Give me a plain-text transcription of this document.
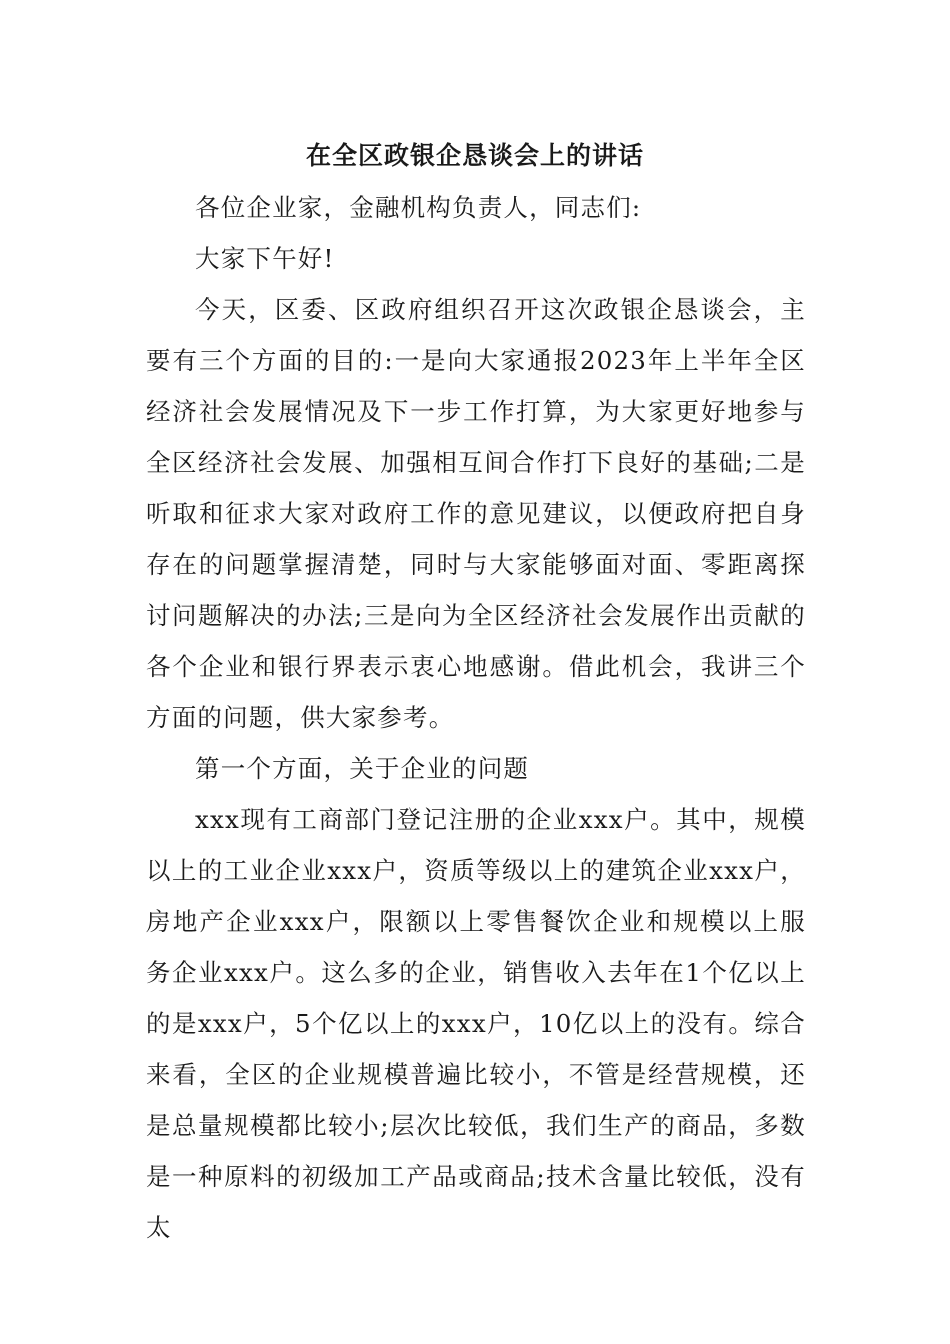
在全区政银企恳谈会上的讲话

各位企业家，金融机构负责人，同志们:

大家下午好!

今天，区委、区政府组织召开这次政银企恳谈会，主要有三个方面的目的:一是向大家通报2023年上半年全区经济社会发展情况及下一步工作打算，为大家更好地参与全区经济社会发展、加强相互间合作打下良好的基础;二是听取和征求大家对政府工作的意见建议，以便政府把自身存在的问题掌握清楚，同时与大家能够面对面、零距离探讨问题解决的办法;三是向为全区经济社会发展作出贡献的各个企业和银行界表示衷心地感谢。借此机会，我讲三个方面的问题，供大家参考。

第一个方面，关于企业的问题

xxx现有工商部门登记注册的企业xxx户。其中，规模以上的工业企业xxx户，资质等级以上的建筑企业xxx户，房地产企业xxx户，限额以上零售餐饮企业和规模以上服务企业xxx户。这么多的企业，销售收入去年在1个亿以上的是xxx户，5个亿以上的xxx户，10亿以上的没有。综合来看，全区的企业规模普遍比较小，不管是经营规模，还是总量规模都比较小;层次比较低，我们生产的商品，多数是一种原料的初级加工产品或商品;技术含量比较低，没有太
